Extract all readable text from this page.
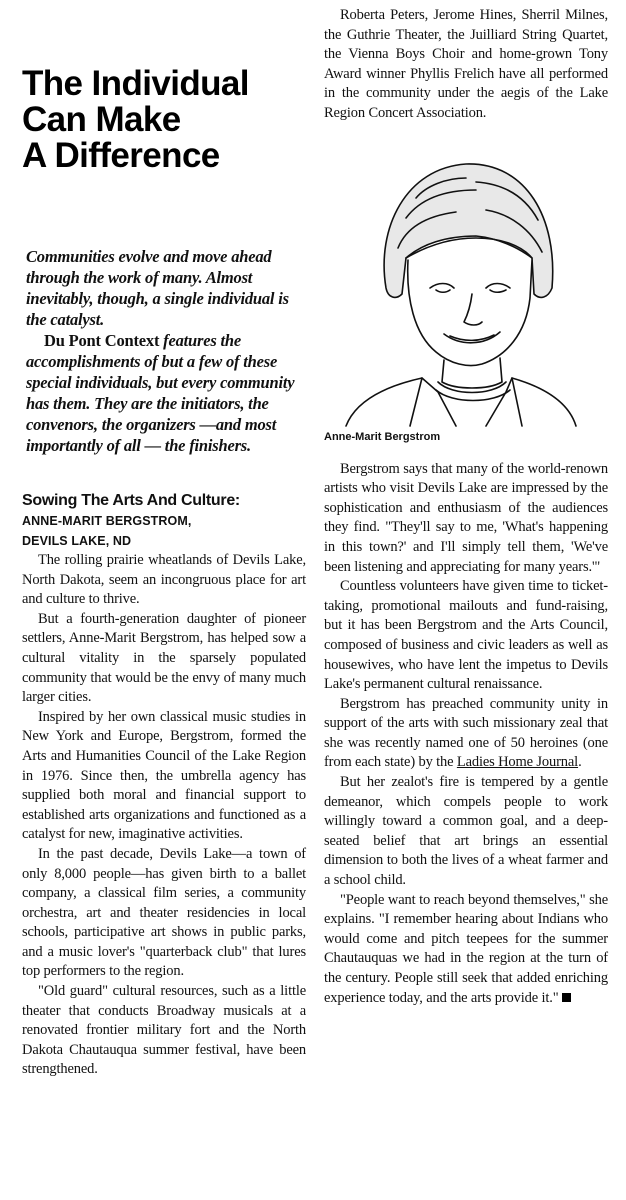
The Individual
Can Make
A Difference

Communities evolve and move ahead through the work of many. Almost inevitably, though, a single individual is the catalyst.

Du Pont Context features the accomplishments of but a few of these special individuals, but every community has them. They are the initiators, the convenors, the organizers —and most importantly of all — the finishers.

Sowing The Arts And Culture:
ANNE-MARIT BERGSTROM,
DEVILS LAKE, ND

The rolling prairie wheatlands of Devils Lake, North Dakota, seem an incongruous place for art and culture to thrive.

But a fourth-generation daughter of pioneer settlers, Anne-Marit Bergstrom, has helped sow a cultural vitality in the sparsely populated community that would be the envy of many much larger cities.

Inspired by her own classical music studies in New York and Europe, Bergstrom, formed the Arts and Humanities Council of the Lake Region in 1976. Since then, the umbrella agency has supplied both moral and financial support to established arts organizations and functioned as a catalyst for new, imaginative activities.

In the past decade, Devils Lake—a town of only 8,000 people—has given birth to a ballet company, a classical film series, a community orchestra, art and theater residencies in local schools, participative art shows in public parks, and a music lover's "quarterback club" that lures top performers to the region.

"Old guard" cultural resources, such as a little theater that conducts Broadway musicals at a renovated frontier military fort and the North Dakota Chautauqua summer festival, have been strengthened.

Roberta Peters, Jerome Hines, Sherril Milnes, the Guthrie Theater, the Juilliard String Quartet, the Vienna Boys Choir and home-grown Tony Award winner Phyllis Frelich have all performed in the community under the aegis of the Lake Region Concert Association.

Anne-Marit Bergstrom

Bergstrom says that many of the world-renown artists who visit Devils Lake are impressed by the sophistication and enthusiasm of the audiences they find. "They'll say to me, 'What's happening in this town?' and I'll simply tell them, 'We've been listening and appreciating for many years.'"

Countless volunteers have given time to ticket-taking, promotional mailouts and fund-raising, but it has been Bergstrom and the Arts Council, composed of business and civic leaders as well as housewives, who have lent the impetus to Devils Lake's permanent cultural renaissance.

Bergstrom has preached community unity in support of the arts with such missionary zeal that she was recently named one of 50 heroines (one from each state) by the Ladies Home Journal.

But her zealot's fire is tempered by a gentle demeanor, which compels people to work willingly toward a common goal, and a deep-seated belief that art brings an essential dimension to both the lives of a wheat farmer and a school child.

"People want to reach beyond themselves," she explains. "I remember hearing about Indians who would come and pitch teepees for the summer Chautauquas we had in the region at the turn of the century. People still seek that added enriching experience today, and the arts provide it."
